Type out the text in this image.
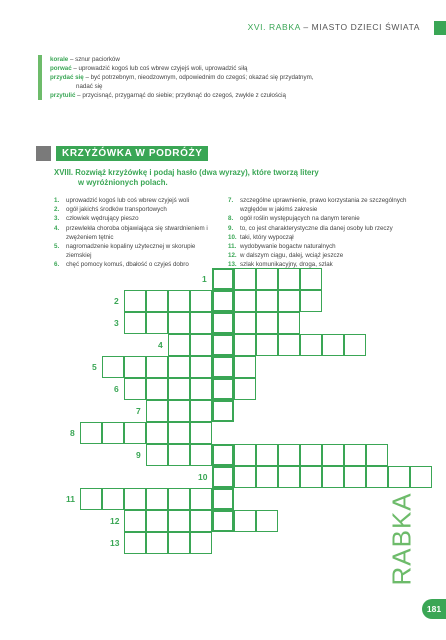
XVI. RABKA – MIASTO DZIECI ŚWIATA
korale – sznur paciorków
porwać – uprowadzić kogoś lub coś wbrew czyjejś woli, uprowadzić siłą
przydać się – być potrzebnym, nieodzownym, odpowiednim do czegoś; okazać się przydatnym,
nadać się
przytulić – przycisnąć, przygarnąć do siebie; przytknąć do czegoś, zwykle z czułością
KRZYŻÓWKA W PODRÓŻY
XVIII. Rozwiąż krzyżówkę i podaj hasło (dwa wyrazy), które tworzą litery
w wyróżnionych polach.
1.	uprowadzić kogoś lub coś wbrew czyjejś woli
2.	ogół jakichś środków transportowych
3.	człowiek wędrujący pieszo
4.	przewlekła choroba objawiająca się stwardnieniem i zwężeniem tętnic
5.	nagromadzenie kopaliny użytecznej w skorupie ziemskiej
6.	chęć pomocy komuś, dbałość o czyjeś dobro
7.	szczególne uprawnienie, prawo korzystania ze szczególnych względów w jakimś zakresie
8.	ogół roślin występujących na danym terenie
9.	to, co jest charakterystyczne dla danej osoby lub rzeczy
10. taki, który wypoczął
11. wydobywanie bogactw naturalnych
12. w dalszym ciągu, dalej, wciąż jeszcze
13. szlak komunikacyjny, droga, szlak
1
2
3
4
5
6
7
8
9
10
11
12
13	RABKA
181
